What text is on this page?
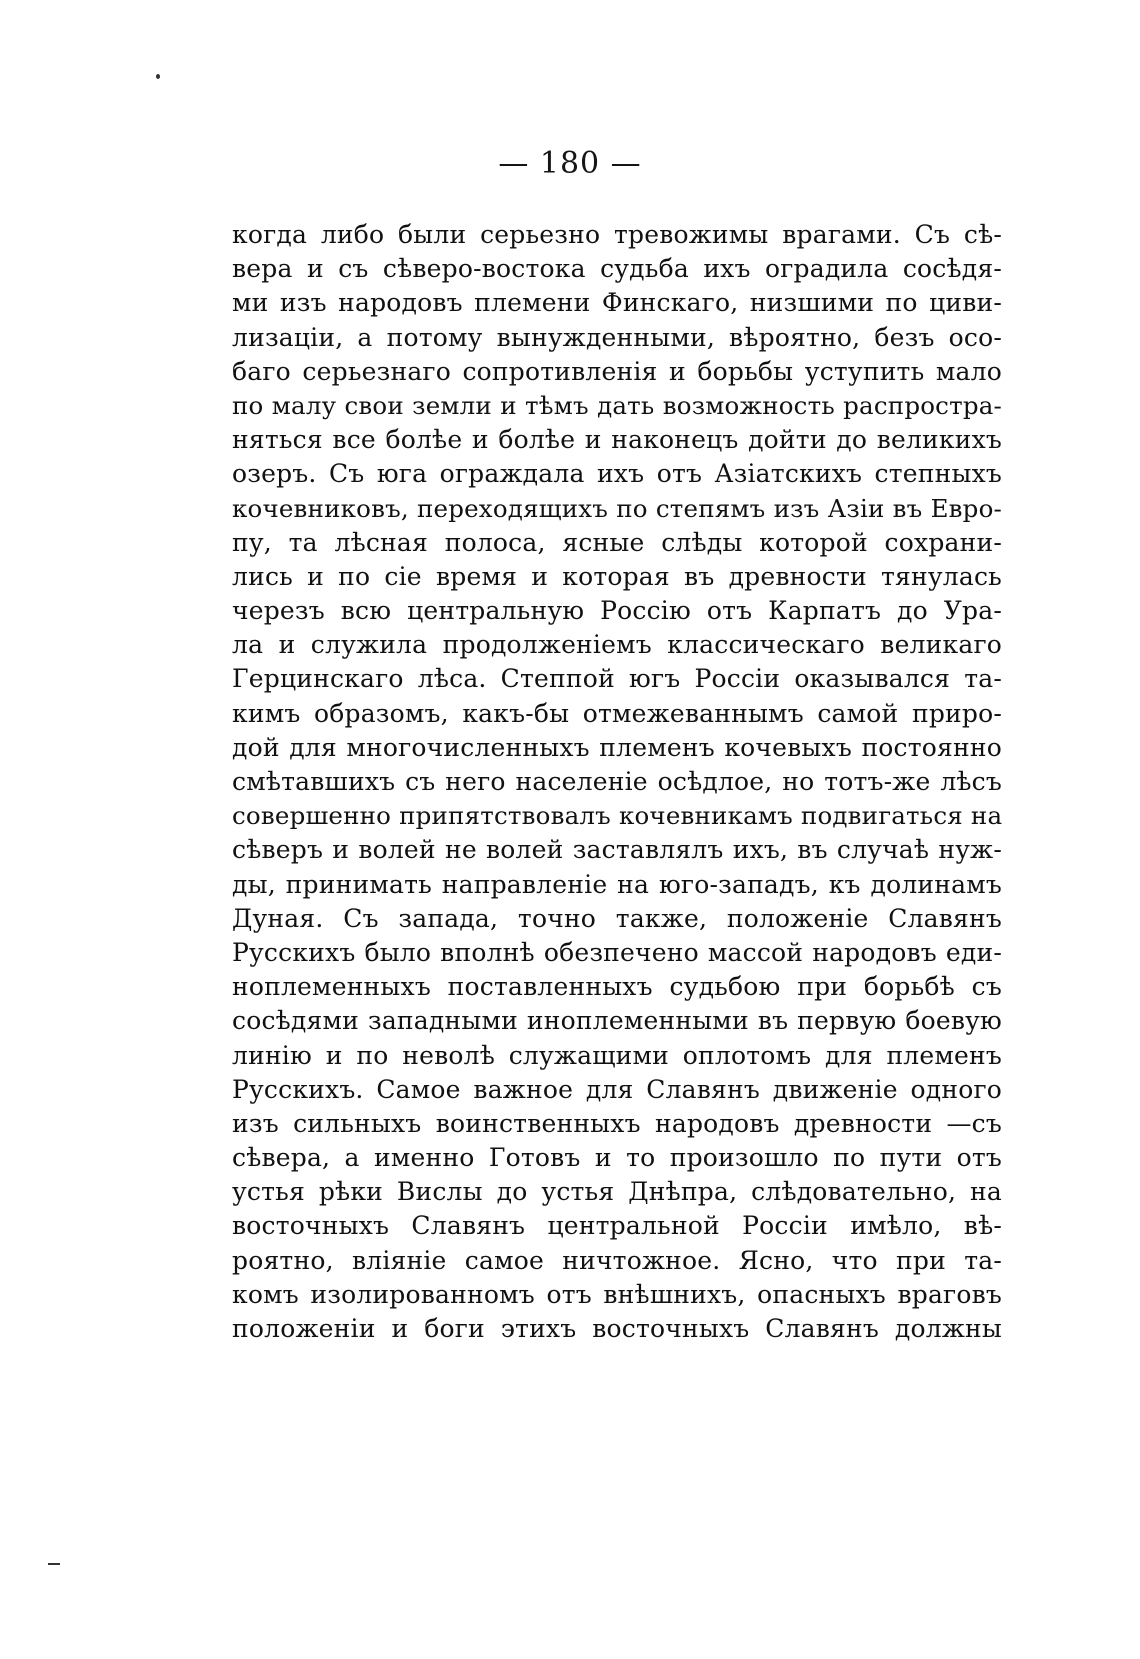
— 180 —
когда либо были серьезно тревожимы врагами. Съ сѣ-
вера и съ сѣверо-востока судьба ихъ оградила сосѣдя-
ми изъ народовъ племени Финскаго, низшими по циви-
лизаціи, а потому вынужденными, вѣроятно, безъ осо-
баго серьезнаго сопротивленія и борьбы уступить мало
по малу свои земли и тѣмъ дать возможность распростра-
няться все болѣе и болѣе и наконецъ дойти до великихъ
озеръ. Съ юга ограждала ихъ отъ Азіатскихъ степныхъ
кочевниковъ, переходящихъ по степямъ изъ Азіи въ Евро-
пу, та лѣсная полоса, ясные слѣды которой сохрани-
лись и по сіе время и которая въ древности тянулась
черезъ всю центральную Россію отъ Карпатъ до Ура-
ла и служила продолженіемъ классическаго великаго
Герцинскаго лѣса. Степпой югъ Россіи оказывался та-
кимъ образомъ, какъ-бы отмежеваннымъ самой приро-
дой для многочисленныхъ племенъ кочевыхъ постоянно
смѣтавшихъ съ него населеніе осѣдлое, но тотъ-же лѣсъ
совершенно припятствовалъ кочевникамъ подвигаться на
сѣверъ и волей не волей заставлялъ ихъ, въ случаѣ нуж-
ды, принимать направленіе на юго-западъ, къ долинамъ
Дуная. Съ запада, точно также, положеніе Славянъ
Русскихъ было вполнѣ обезпечено массой народовъ еди-
ноплеменныхъ поставленныхъ судьбою при борьбѣ съ
сосѣдями западными иноплеменными въ первую боевую
линію и по неволѣ служащими оплотомъ для племенъ
Русскихъ. Самое важное для Славянъ движеніе одного
изъ сильныхъ воинственныхъ народовъ древности —съ
сѣвера, а именно Готовъ и то произошло по пути отъ
устья рѣки Вислы до устья Днѣпра, слѣдовательно, на
восточныхъ Славянъ центральной Россіи имѣло, вѣ-
роятно, вліяніе самое ничтожное. Ясно, что при та-
комъ изолированномъ отъ внѣшнихъ, опасныхъ враговъ
положеніи и боги этихъ восточныхъ Славянъ должны
